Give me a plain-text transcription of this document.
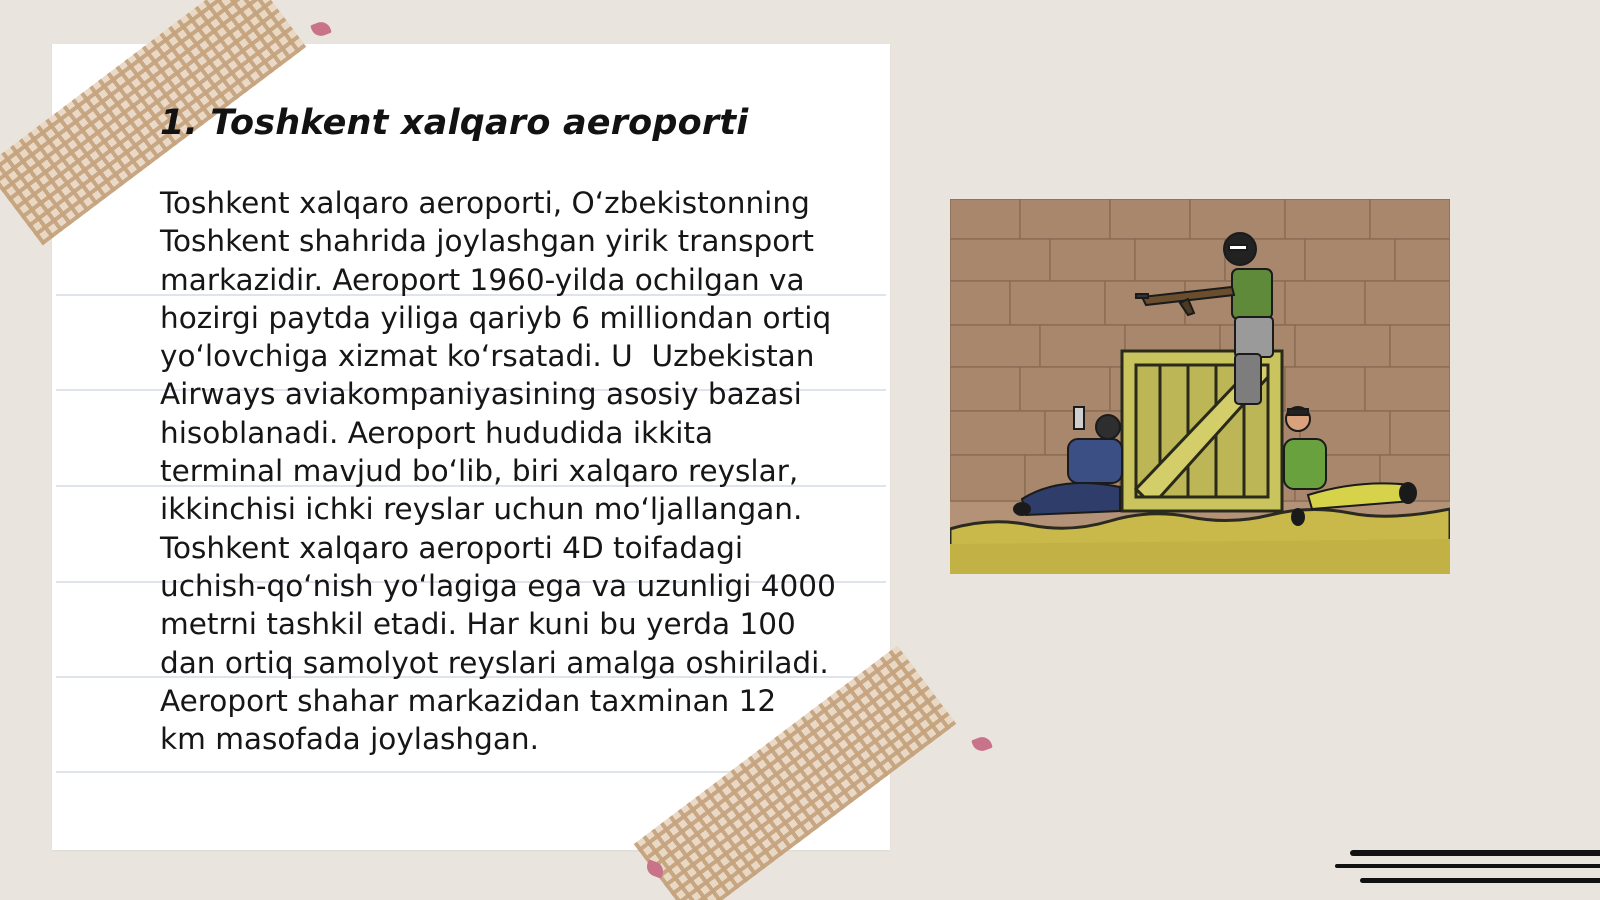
1. Toshkent xalqaro aeroporti

Toshkent xalqaro aeroporti, O‘zbekistonning
Toshkent shahrida joylashgan yirik transport
markazidir. Aeroport 1960-yilda ochilgan va
hozirgi paytda yiliga qariyb 6 milliondan ortiq
yo‘lovchiga xizmat ko‘rsatadi. U  Uzbekistan
Airways aviakompaniyasining asosiy bazasi
hisoblanadi. Aeroport hududida ikkita
terminal mavjud bo‘lib, biri xalqaro reyslar,
ikkinchisi ichki reyslar uchun mo‘ljallangan.
Toshkent xalqaro aeroporti 4D toifadagi
uchish-qo‘nish yo‘lagiga ega va uzunligi 4000
metrni tashkil etadi. Har kuni bu yerda 100
dan ortiq samolyot reyslari amalga oshiriladi.
Aeroport shahar markazidan taxminan 12
km masofada joylashgan.
